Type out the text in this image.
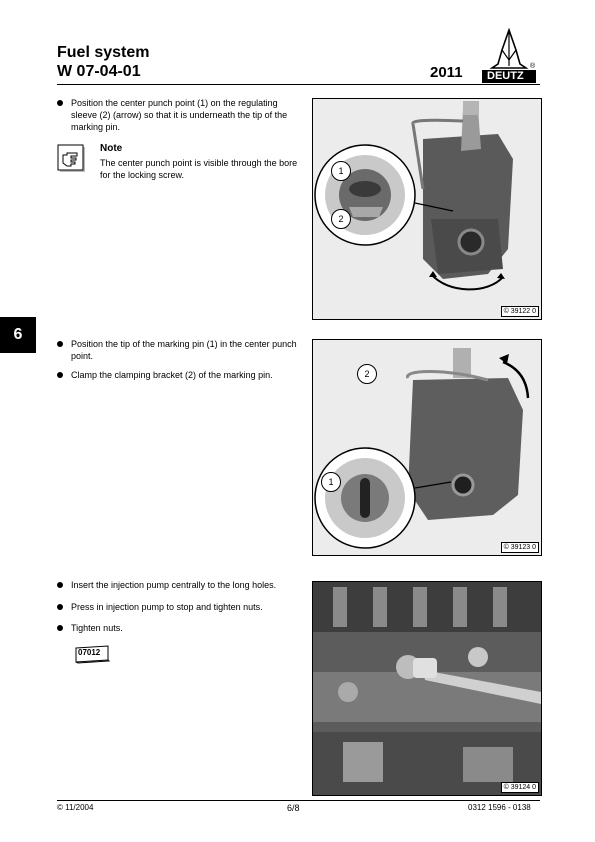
Fuel system
W 07-04-01	2011 DEUTZ
®
6
Position the center punch point (1) on the regulating sleeve (2) (arrow) so that it is underneath the tip of the marking pin.
Note
The center punch point is visible through the bore for the locking screw.	1
2
© 39122 0
Position the tip of the marking pin (1) in the center punch point.
Clamp the clamping bracket (2) of the marking pin.	2
1
© 39123 0
Insert the injection pump centrally to the long holes.
Press in injection pump to stop and tighten nuts.
Tighten nuts.
07012
© 39124 0
© 11/2004	6/8	0312 1596 - 0138
